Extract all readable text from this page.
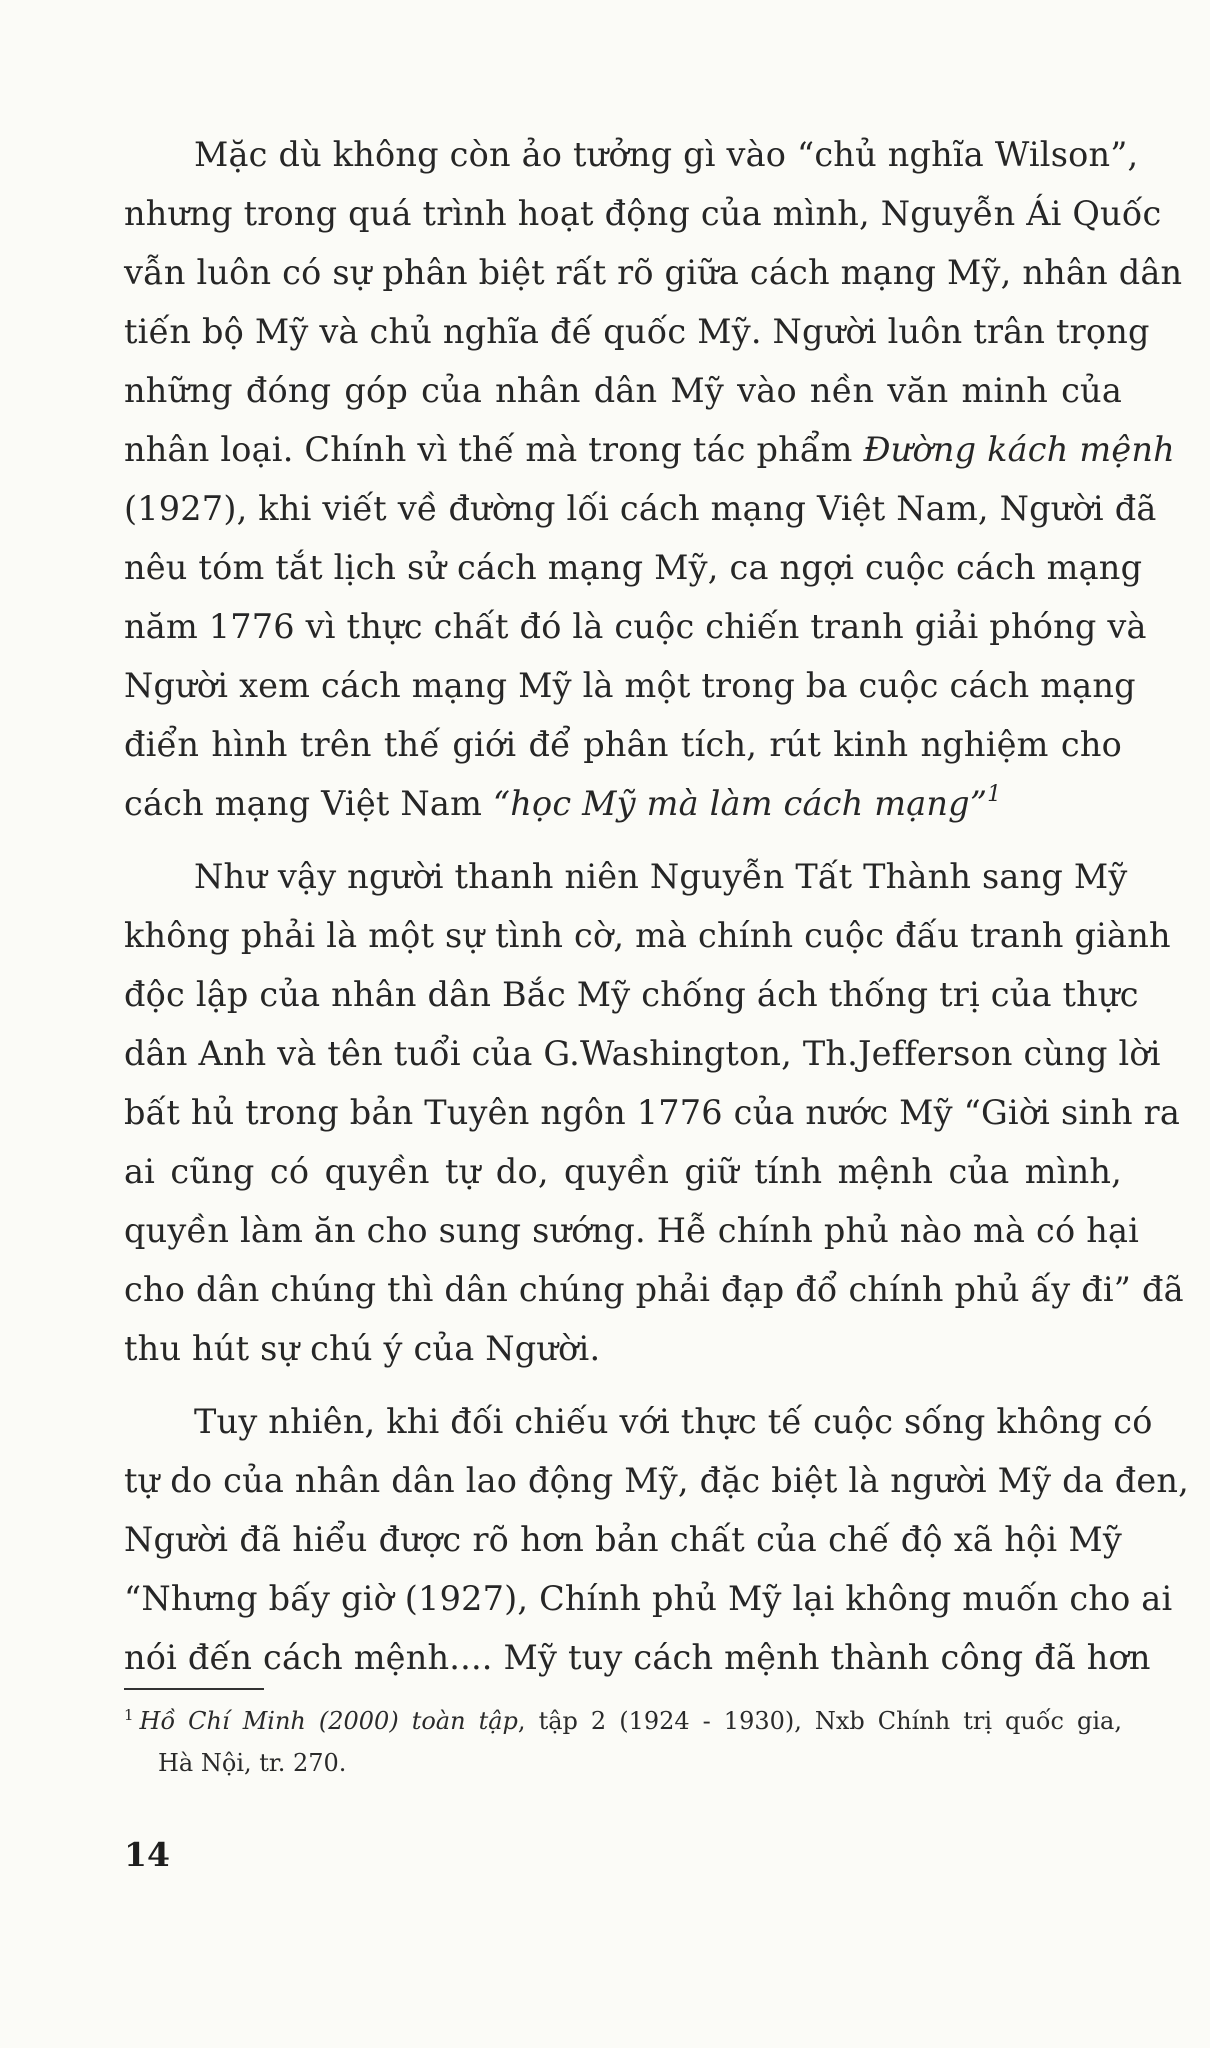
Mặc dù không còn ảo tưởng gì vào “chủ nghĩa Wilson”,
nhưng trong quá trình hoạt động của mình, Nguyễn Ái Quốc
vẫn luôn có sự phân biệt rất rõ giữa cách mạng Mỹ, nhân dân
tiến bộ Mỹ và chủ nghĩa đế quốc Mỹ. Người luôn trân trọng
những đóng góp của nhân dân Mỹ vào nền văn minh của
nhân loại. Chính vì thế mà trong tác phẩm Đường kách mệnh
(1927), khi viết về đường lối cách mạng Việt Nam, Người đã
nêu tóm tắt lịch sử cách mạng Mỹ, ca ngợi cuộc cách mạng
năm 1776 vì thực chất đó là cuộc chiến tranh giải phóng và
Người xem cách mạng Mỹ là một trong ba cuộc cách mạng
điển hình trên thế giới để phân tích, rút kinh nghiệm cho
cách mạng Việt Nam “học Mỹ mà làm cách mạng”$^1$
Như vậy người thanh niên Nguyễn Tất Thành sang Mỹ
không phải là một sự tình cờ, mà chính cuộc đấu tranh giành
độc lập của nhân dân Bắc Mỹ chống ách thống trị của thực
dân Anh và tên tuổi của G.Washington, Th.Jefferson cùng lời
bất hủ trong bản Tuyên ngôn 1776 của nước Mỹ “Giời sinh ra
ai cũng có quyền tự do, quyền giữ tính mệnh của mình,
quyền làm ăn cho sung sướng. Hễ chính phủ nào mà có hại
cho dân chúng thì dân chúng phải đạp đổ chính phủ ấy đi” đã
thu hút sự chú ý của Người.
Tuy nhiên, khi đối chiếu với thực tế cuộc sống không có
tự do của nhân dân lao động Mỹ, đặc biệt là người Mỹ da đen,
Người đã hiểu được rõ hơn bản chất của chế độ xã hội Mỹ
“Nhưng bấy giờ (1927), Chính phủ Mỹ lại không muốn cho ai
nói đến cách mệnh.... Mỹ tuy cách mệnh thành công đã hơn
$^1$ Hồ Chí Minh (2000) toàn tập, tập 2 (1924 - 1930), Nxb Chính trị quốc gia,
Hà Nội, tr. 270.
14
